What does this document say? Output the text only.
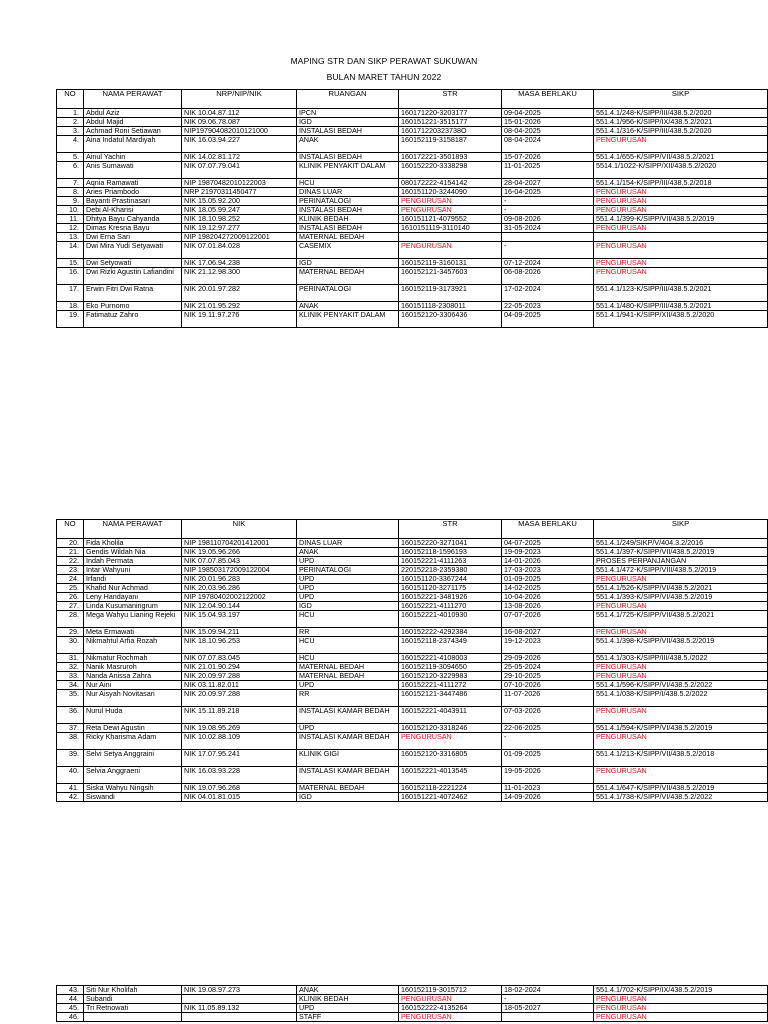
MAPING STR DAN SIKP PERAWAT SUKUWAN
BULAN MARET TAHUN 2022
NO	NAMA PERAWAT	NRP/NIP/NIK	RUANGAN	STR	MASA BERLAKU	SIKP
1.	Abdul Aziz	NIK 10.04.87.112	IPCN	160171220-3203177	09-04-2025	551.4.1/248-K/SIPP/III/438.5.2/2020
2.	Abdul Majid	NIK 09.06.78.087	IGD	160151221-3515177	15-01-2026	551.4.1/956-K/SIPP/IX/438.5.2/2021
3.	Achmad Roni Setiawan	NIP197904082010121000	INSTALASI BEDAH	160171220323738O	08-04-2025	551.4.1/316-K/SIPP/III/438.5.2/2020
4.	Aina Indatul Mardiyah	NIK 16.03.94.227	ANAK	160152119-3158187	08-04-2024	PENGURUSAN
5.	Ainul Yachin	NIK 14.02.81.172	INSTALASI BEDAH	160172221-3501893	15-07-2026	551.4.1/655-K/SIPP/VII/438.5.2/2021
6.	Anis Sumawati	NIK 07.07.79.041	KLINIK PENYAKIT DALAM	160152220-3338298	11-01-2025	5514.1/1022-K/SIPP/XII/438.5.2/2020
7.	Aqnia Ramawati	NIP 19870482010122003	HCU	080172222-4154142	28-04-2027	551.4.1/154-K/SIPP/III/438.5.2/2018
8.	Aries Priambodo	NRP 21970311450477	DINAS LUAR	160151120-3244090	16-04-2025	PENGURUSAN
9.	Bayanti Prastinasari	NIK 15.05.92.200	PERINATALOGI	PENGURUSAN	-	PENGURUSAN
10.	Debi Al-Kharisi	NIK 18.05.99.247	INSTALASI BEDAH	PENGURUSAN	-	PENGURUSAN
11.	Dhitya Bayu Cahyanda	NIK 18.10.98.252	KLINIK BEDAH	160151121-4079552	09-08-2026	551.4.1/399-K/SIPP/VII/438.5.2/2019
12.	Dimas Kresna Bayu	NIK 19.12.97.277	INSTALASI BEDAH	1610151119-3110140	31-05-2024	PENGURUSAN
13.	Dwi Erna Sari	NIP 198204272009122001	MATERNAL BEDAH			
14.	Dwi Mira Yudi Setyawati	NIK 07.01.84.028	CASEMIX	PENGURUSAN	-	PENGURUSAN
15.	Dwi Setyowati	NIK 17.06.94.238	IGD	160152119-3160131	07-12-2024	PENGURUSAN
16.	Dwi Rizki Agustin Lafiandini	NIK 21.12.98.300	MATERNAL BEDAH	160152121-3457603	06-08-2026	PENGURUSAN
17.	Erwin Fitri Dwi Ratna	NIK 20.01.97.282	PERINATALOGI	160152119-3173921	17-02-2024	551.4.1/123-K/SIPP/III/438.5.2/2021
18.	Eko Purnomo	NIK 21.01.95.292	ANAK	160151118-2308011	22-05-2023	551.4.1/480-K/SIPP/III/438.5.2/2021
19.	Fatimatuz Zahro	NIK 19.11.97.276	KLINIK PENYAKIT DALAM	160152120-3306436	04-09-2025	551.4.1/941-K/SIPP/XII/438.5.2/2020
NO	NAMA PERAWAT	NIK		STR	MASA BERLAKU	SIKP
20.	Fida Kholila	NIP 198110704201412001	DINAS LUAR	160152220-3271041	04-07-2025	551.4.1/249/SIKP/V/404.3.2/2016
21.	Gendis Wildah Nia	NIK 19.05.96.266	ANAK	160152118-1596193	19-09-2023	551.4.1/397-K/SIPP/VII/438.5.2/2019
22.	Indah Permata	NIK 07.07.85.043	UPD	160152221-4111263	14-01-2026	PROSES PERPANJANGAN
23.	Intar Wahyuni	NIP 198503172009122004	PERINATALOGI	220152218-2359380	17-03-2023	551.4.1/472-K/SIPP/VIII/438.5.2/2019
24.	Irfandi	NIK 20.01.96.283	UPD	160151120-3367244	01-09-2025	PENGURUSAN
25.	Khafid Nur Achmad	NIK 20.03.96.286	UPD	160151120-3271175	14-02-2025	551.4.1/526-K/SIPP/VI/438.5.2/2021
26.	Leny Handayani	NIP 19780402002122002	UPD	160152221-3481926	10-04-2026	551.4.1/393-K/SIPP/VI/438.5.2/2019
27.	Linda Kusumaningrum	NIK 12.04.90.144	IGD	160152221-4111270	13-08-2026	PENGURUSAN
28.	Mega Wahyu Lianing Rejeki	NIK 15.04.93.197	HCU	160152221-4010930	07-07-2026	551.4.1/725-K/SIPP/VII/438.5.2/2021
29.	Meta Ermawati	NIK 15.09.94.211	RR	160152222-4292384	16-08-2027	PENGURUSAN
30.	Nikmahtul Arfia Rozah	NIK 18.10.96.253	HCU	160152118-2374349	19-12-2023	551.4.1/398-K/SIPP/VII/438.5.2/2019
31.	Nikmatur Rochmah	NIK 07.07.83.045	HCU	160152221-4108003	29-09-2026	551.4.1/303-K/SIPP/III/438.5./2022
32.	Nanik Masruroh	NIK 21.01.90.294	MATERNAL BEDAH	160152119-3094650	25-05-2024	PENGURUSAN
33.	Nanda Anissa Zahra	NIK 20.09.97.288	MATERNAL BEDAH	160152120-3229983	29-10-2025	PENGURUSAN
34.	Nur Aini	NIK 03.11.82.011	UPD	160152221-4111272	07-10-2026	551.4.1/596-K/SIPP/VI/438.5.2/2022
35.	Nur Aisyah Novitasari	NIK 20.09.97.288	RR	160152121-3447486	11-07-2026	551.4.1/038-K/SIPP/I/438.5.2/2022
36.	Nurul Huda	NIK 15.11.89.218	INSTALASI KAMAR BEDAH	160152221-4043911	07-03-2026	PENGURUSAN
37.	Reta Dewi Agustin	NIK 19.08.95.269	UPD	160152120-3318246	22-06-2025	551.4.1/594-K/SIPP/VI/438.5.2/2019
38.	Ricky Kharisma Adam	NIK 10.02.88.109	INSTALASI KAMAR BEDAH	PENGURUSAN	-	PENGURUSAN
39.	Selvi Setya Anggraini	NIK 17.07.95.241	KLINIK GIGI	160152120-3316805	01-09-2025	551.4.1/213-K/SIPP/VII/438.5.2/2018
40.	Selvia Anggraeni	NIK 16.03.93.228	INSTALASI KAMAR BEDAH	160152221-4013545	19-05-2026	PENGURUSAN
41.	Siska Wahyu Ningsih	NIK 19.07.96.268	MATERNAL BEDAH	160152118-2221224	11-01-2023	551.4.1/647-K/SIPP/VII/438.5.2/2019
42.	Siswandi	NIK 04.01.81.015	IGD	160151221-4072462	14-09-2026	551.4.1/738-K/SIPP/VI/438.5.2/2022
43.	Siti Nur Kholifah	NIK 19.08.97.273	ANAK	160152119-3015712	18-02-2024	551.4.1/702-K/SIPP/IX/438.5.2/2019
44.	Subandi		KLINIK BEDAH	PENGURUSAN	-	PENGURUSAN
45.	Tri Retnowati	NIK 11.05.89.132	UPD	160152222-4135264	18-05-2027	PENGURUSAN
46.			STAFF	PENGURUSAN		PENGURUSAN
